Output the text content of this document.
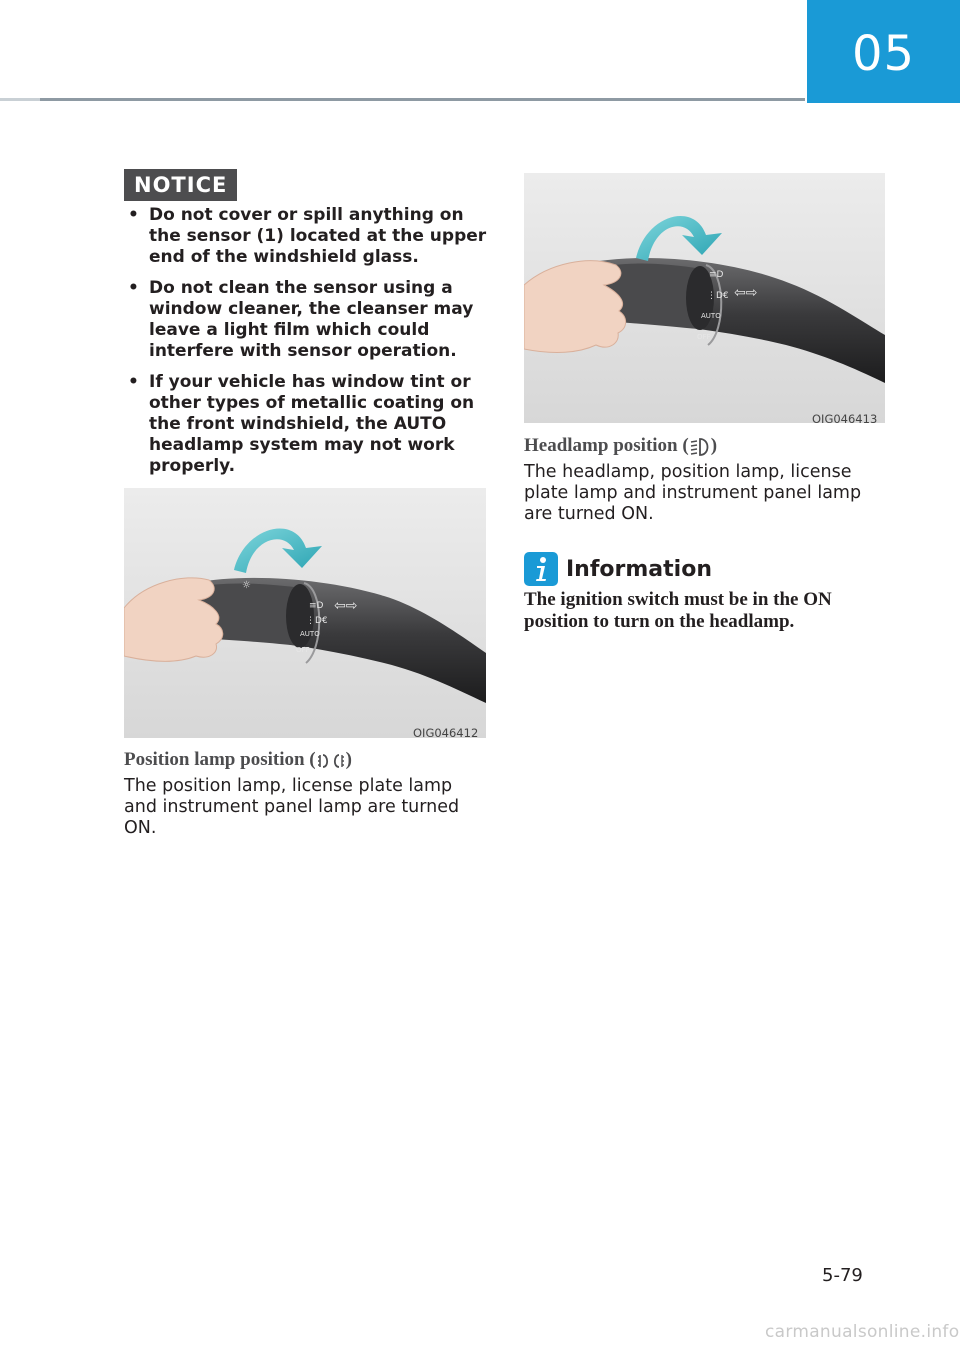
05
NOTICE
• Do not cover or spill anything on the sensor (1) located at the upper end of the windshield glass.
• Do not clean the sensor using a window cleaner, the cleanser may leave a light film which could interfere with sensor operation.
• If your vehicle has window tint or other types of metallic coating on the front windshield, the AUTO headlamp system may not work properly.
☼
≡D
⋮D€
AUTO
OFF
⇦⇨
OIG046412
Position lamp position ( )
The position lamp, license plate lamp and instrument panel lamp are turned ON.
≡D
⋮D€
AUTO
OFF
⇦⇨
OIG046413
Headlamp position ( )
The headlamp, position lamp, license plate lamp and instrument panel lamp are turned ON.
Information
The ignition switch must be in the ON position to turn on the headlamp.
5-79
carmanualsonline.info
